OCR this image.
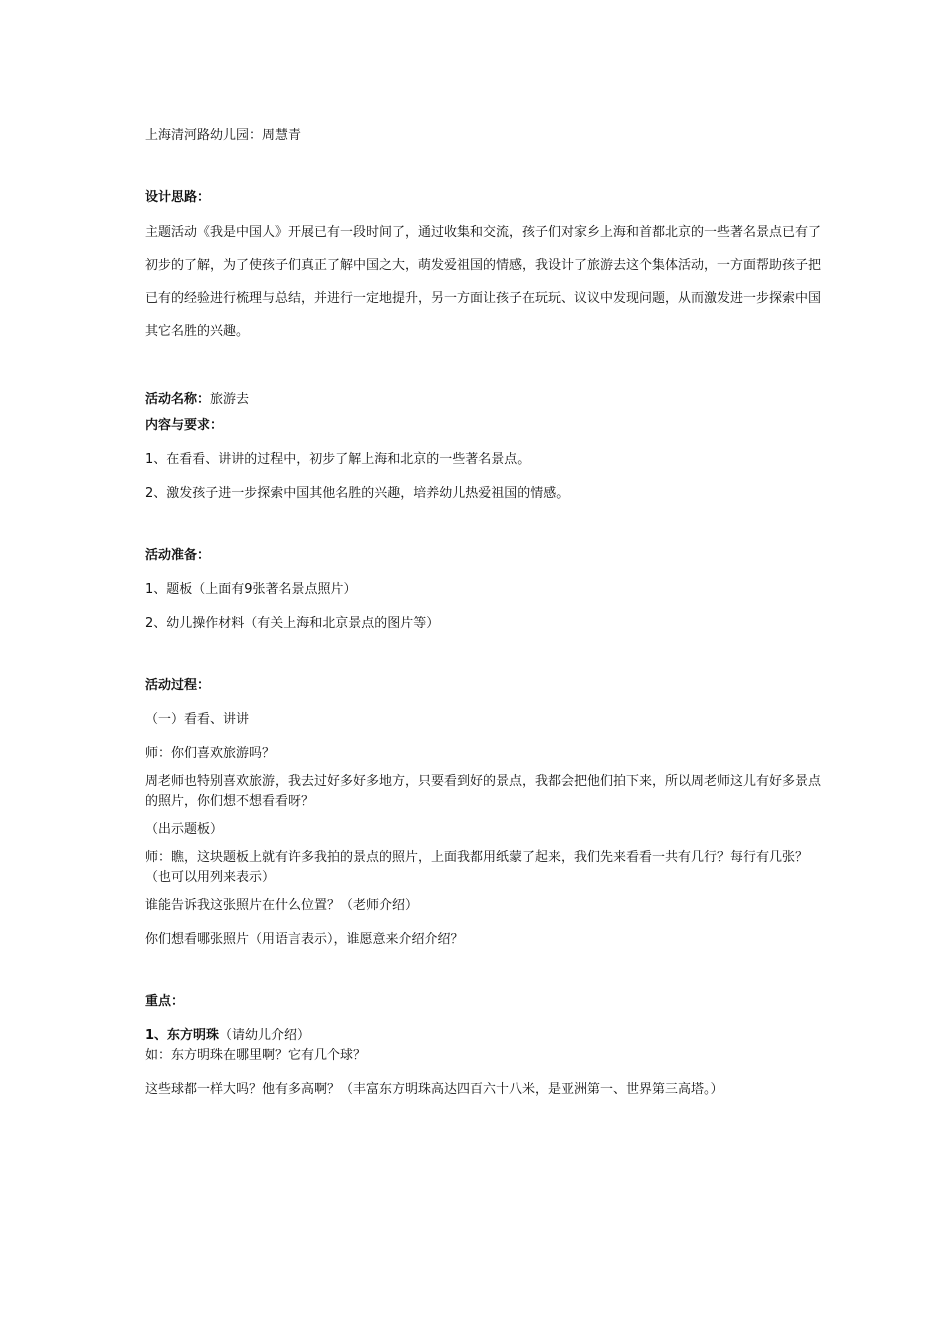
上海清河路幼儿园：周慧青

设计思路：

主题活动《我是中国人》开展已有一段时间了，通过收集和交流，孩子们对家乡上海和首都北京的一些著名景点已有了初步的了解，为了使孩子们真正了解中国之大，萌发爱祖国的情感，我设计了旅游去这个集体活动，一方面帮助孩子把已有的经验进行梳理与总结，并进行一定地提升，另一方面让孩子在玩玩、议议中发现问题，从而激发进一步探索中国其它名胜的兴趣。

活动名称：旅游去

内容与要求：

1、在看看、讲讲的过程中，初步了解上海和北京的一些著名景点。

2、激发孩子进一步探索中国其他名胜的兴趣，培养幼儿热爱祖国的情感。

活动准备：

1、题板（上面有9张著名景点照片）

2、幼儿操作材料（有关上海和北京景点的图片等）

活动过程：

（一）看看、讲讲

师：你们喜欢旅游吗？

周老师也特别喜欢旅游，我去过好多好多地方，只要看到好的景点，我都会把他们拍下来，所以周老师这儿有好多景点的照片，你们想不想看看呀？

（出示题板）

师：瞧，这块题板上就有许多我拍的景点的照片，上面我都用纸蒙了起来，我们先来看看一共有几行？每行有几张？（也可以用列来表示）

谁能告诉我这张照片在什么位置？（老师介绍）

你们想看哪张照片（用语言表示），谁愿意来介绍介绍？

重点：

1、东方明珠（请幼儿介绍）

如：东方明珠在哪里啊？它有几个球？

这些球都一样大吗？他有多高啊？（丰富东方明珠高达四百六十八米，是亚洲第一、世界第三高塔。）
